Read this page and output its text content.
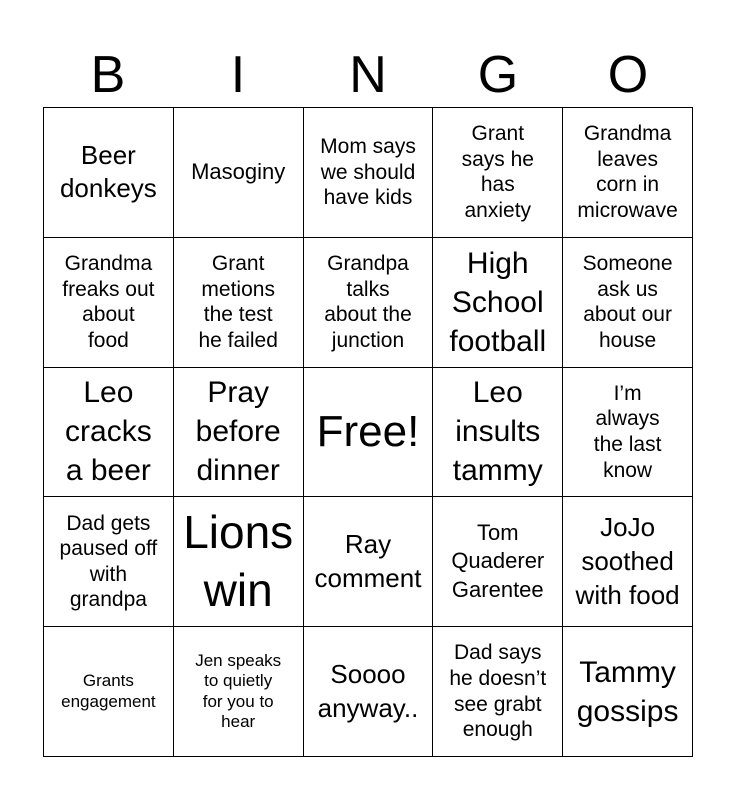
B	I	N	G	O
Beer
donkeys
Masoginy
Mom says
we should
have kids
Grant
says he
has
anxiety
Grandma
leaves
corn in
microwave
Grandma
freaks out
about
food
Grant
metions
the test
he failed
Grandpa
talks
about the
junction
High
School
football
Someone
ask us
about our
house
Leo
cracks
a beer
Pray
before
dinner
Free!
Leo
insults
tammy
I’m
always
the last
know
Dad gets
paused off
with
grandpa
Lions
win
Ray
comment
Tom
Quaderer
Garentee
JoJo
soothed
with food
Grants
engagement
Jen speaks
to quietly
for you to
hear
Soooo
anyway..
Dad says
he doesn’t
see grabt
enough
Tammy
gossips
